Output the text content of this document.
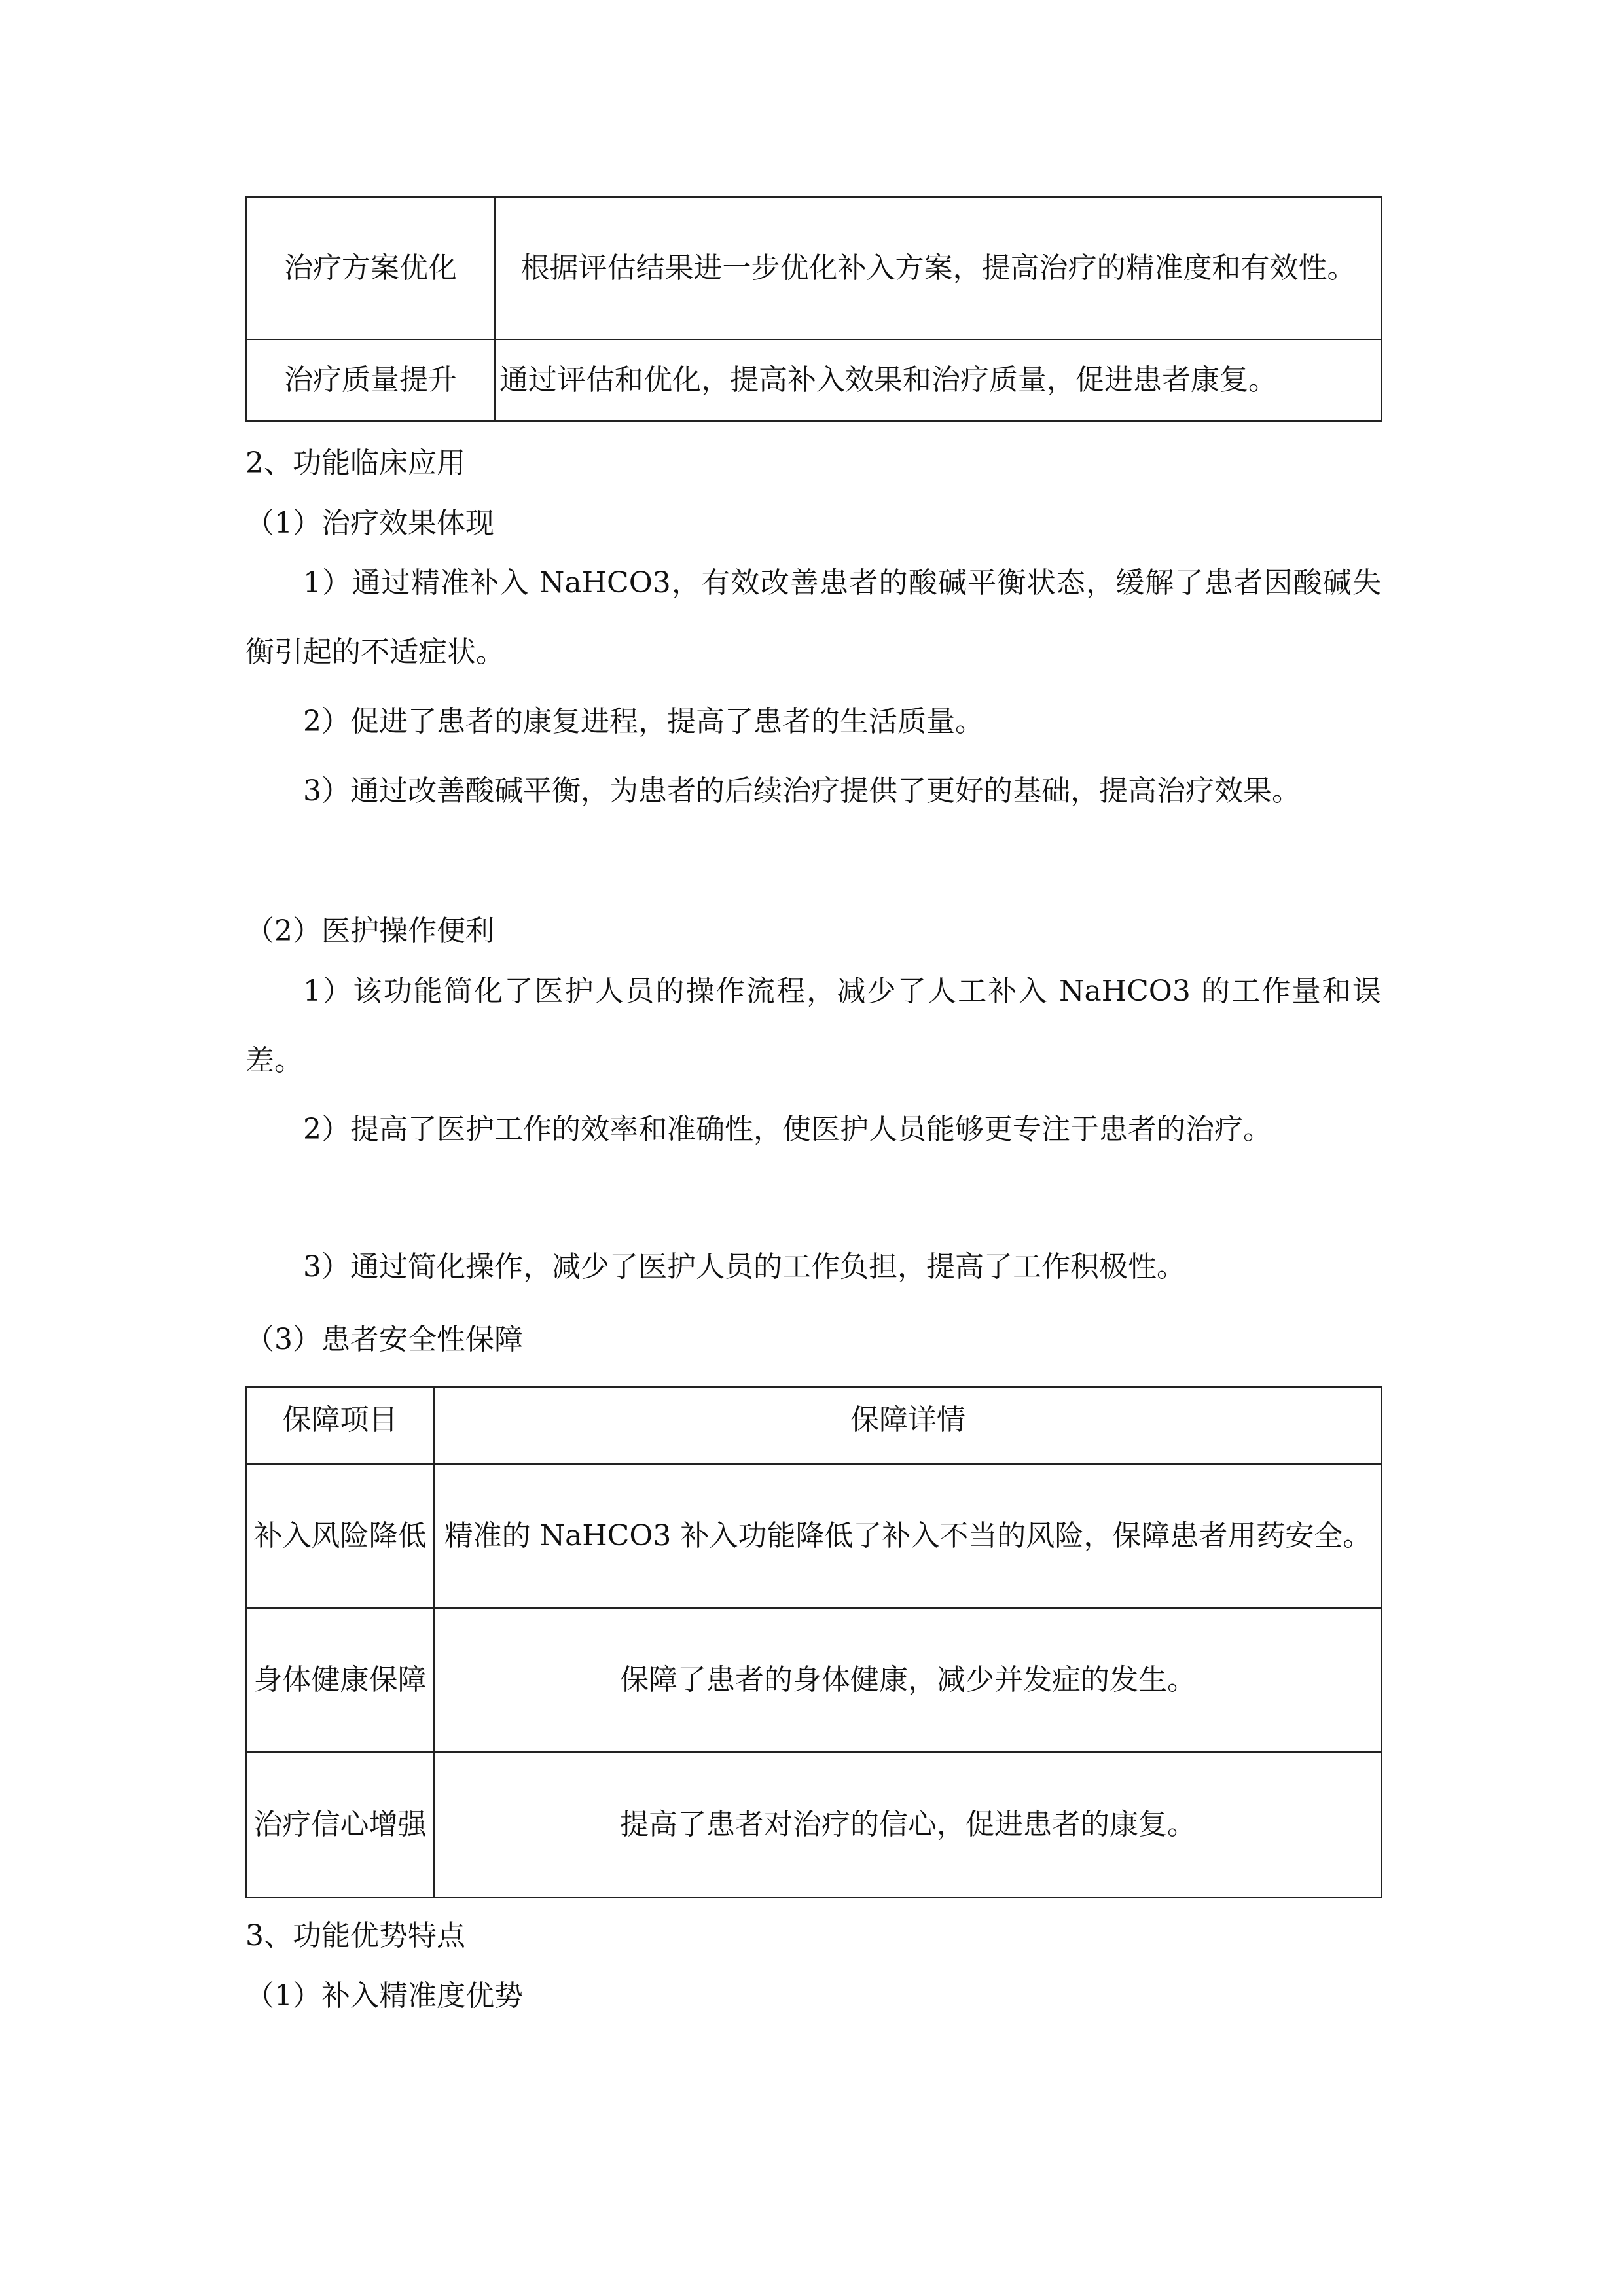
治疗方案优化	根据评估结果进一步优化补入方案，提高治疗的精准度和有效性。
治疗质量提升	通过评估和优化，提高补入效果和治疗质量，促进患者康复。
2、功能临床应用
（1）治疗效果体现
1）通过精准补入 NaHCO3，有效改善患者的酸碱平衡状态，缓解了患者因酸碱失衡引起的不适症状。
2）促进了患者的康复进程，提高了患者的生活质量。
3）通过改善酸碱平衡，为患者的后续治疗提供了更好的基础，提高治疗效果。
（2）医护操作便利
1）该功能简化了医护人员的操作流程，减少了人工补入 NaHCO3 的工作量和误差。
2）提高了医护工作的效率和准确性，使医护人员能够更专注于患者的治疗。
3）通过简化操作，减少了医护人员的工作负担，提高了工作积极性。
（3）患者安全性保障
保障项目	保障详情
补入风险降低	精准的 NaHCO3 补入功能降低了补入不当的风险，保障患者用药安全。
身体健康保障	保障了患者的身体健康，减少并发症的发生。
治疗信心增强	提高了患者对治疗的信心，促进患者的康复。
3、功能优势特点
（1）补入精准度优势
